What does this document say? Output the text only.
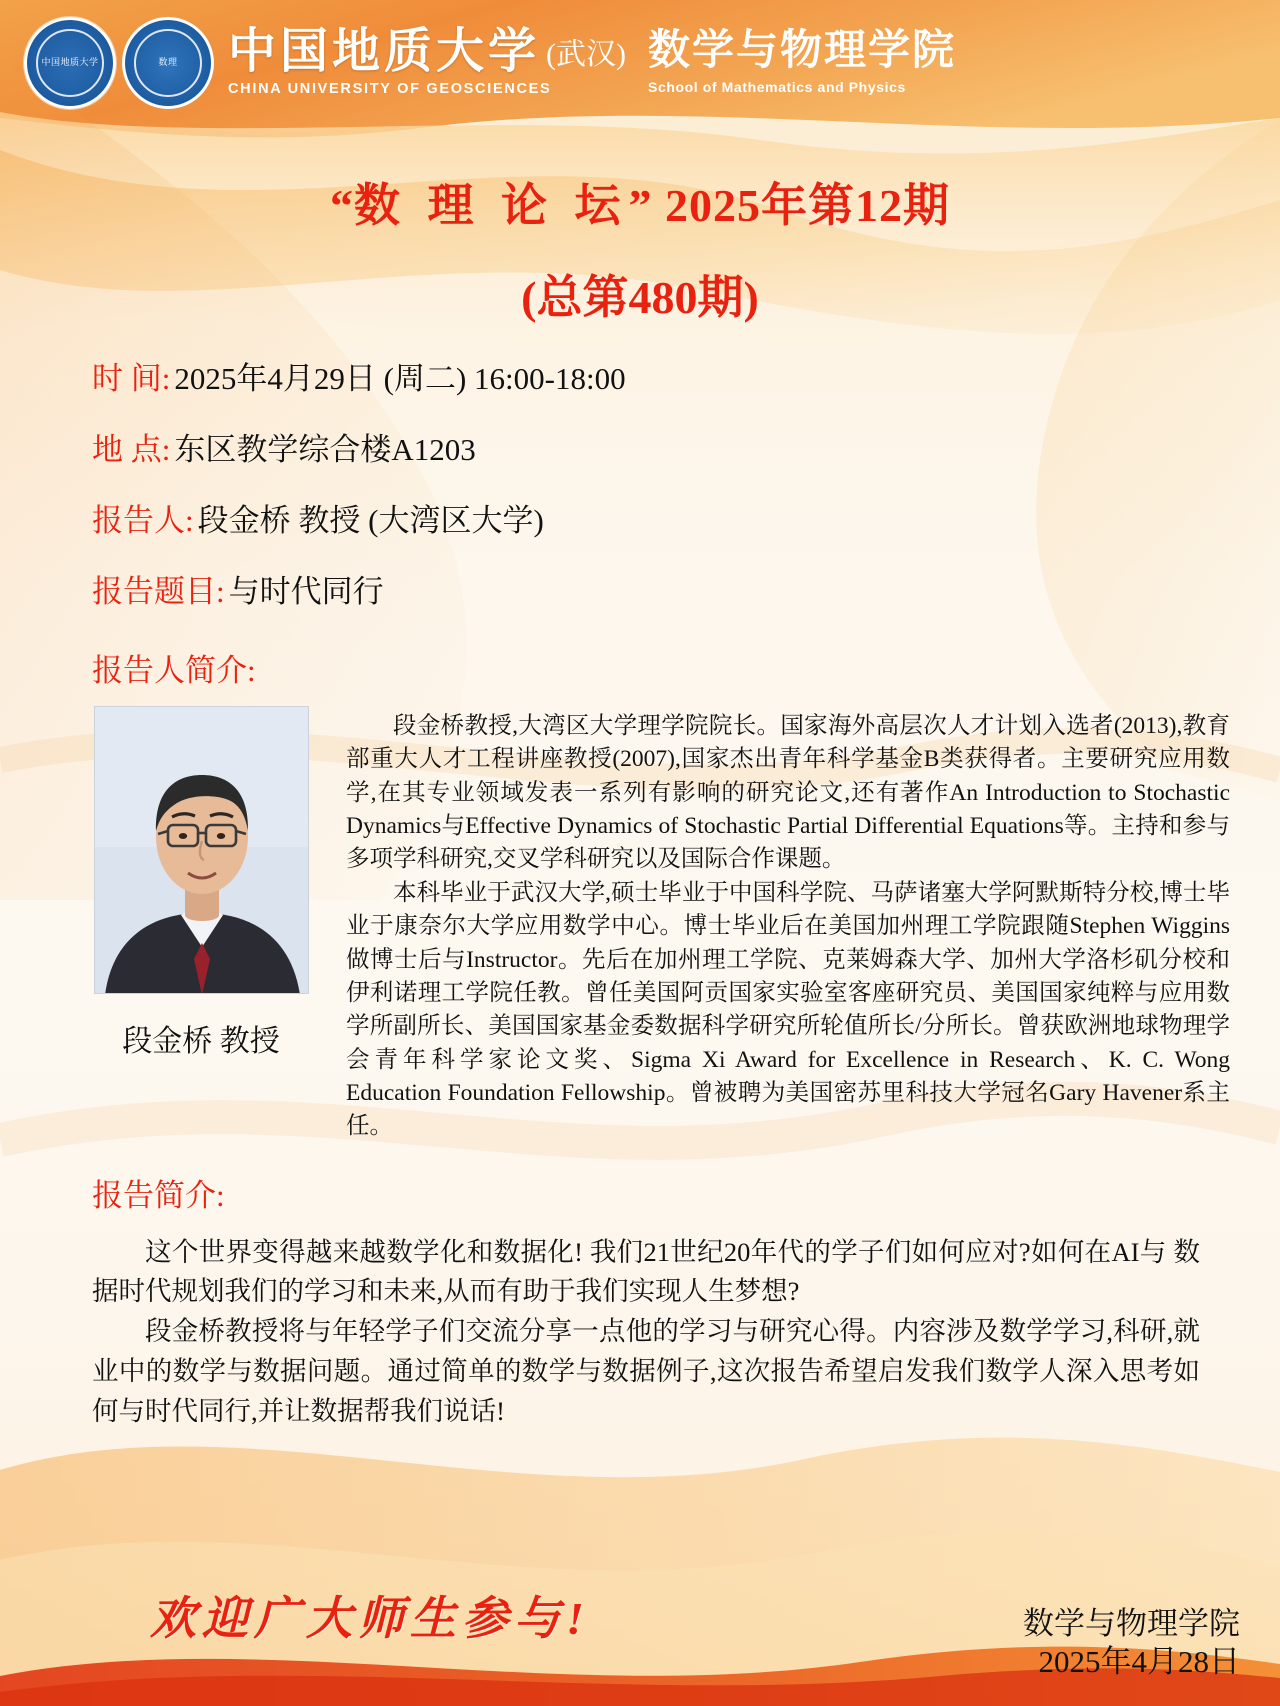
中国地质大学	数理	中国地质大学 (武汉)
CHINA UNIVERSITY OF GEOSCIENCES
数学与物理学院
School of Mathematics and Physics
“数 理 论 坛” 2025年第12期
(总第480期)
时 间: 2025年4月29日 (周二) 16:00-18:00
地 点: 东区教学综合楼A1203
报告人: 段金桥 教授 (大湾区大学)
报告题目: 与时代同行
报告人简介:
段金桥 教授

段金桥教授,大湾区大学理学院院长。国家海外高层次人才计划入选者(2013),教育部重大人才工程讲座教授(2007),国家杰出青年科学基金B类获得者。主要研究应用数学,在其专业领域发表一系列有影响的研究论文,还有著作An Introduction to Stochastic Dynamics与Effective Dynamics of Stochastic Partial Differential Equations等。主持和参与多项学科研究,交叉学科研究以及国际合作课题。

本科毕业于武汉大学,硕士毕业于中国科学院、马萨诸塞大学阿默斯特分校,博士毕业于康奈尔大学应用数学中心。博士毕业后在美国加州理工学院跟随Stephen Wiggins 做博士后与Instructor。先后在加州理工学院、克莱姆森大学、加州大学洛杉矶分校和伊利诺理工学院任教。曾任美国阿贡国家实验室客座研究员、美国国家纯粹与应用数学所副所长、美国国家基金委数据科学研究所轮值所长/分所长。曾获欧洲地球物理学会青年科学家论文奖、Sigma Xi Award for Excellence in Research、K. C. Wong Education Foundation Fellowship。曾被聘为美国密苏里科技大学冠名Gary Havener系主任。

报告简介:

这个世界变得越来越数学化和数据化! 我们21世纪20年代的学子们如何应对?如何在AI与 数据时代规划我们的学习和未来,从而有助于我们实现人生梦想?

段金桥教授将与年轻学子们交流分享一点他的学习与研究心得。内容涉及数学学习,科研,就业中的数学与数据问题。通过简单的数学与数据例子,这次报告希望启发我们数学人深入思考如何与时代同行,并让数据帮我们说话!

欢迎广大师生参与!	数学与物理学院
2025年4月28日
